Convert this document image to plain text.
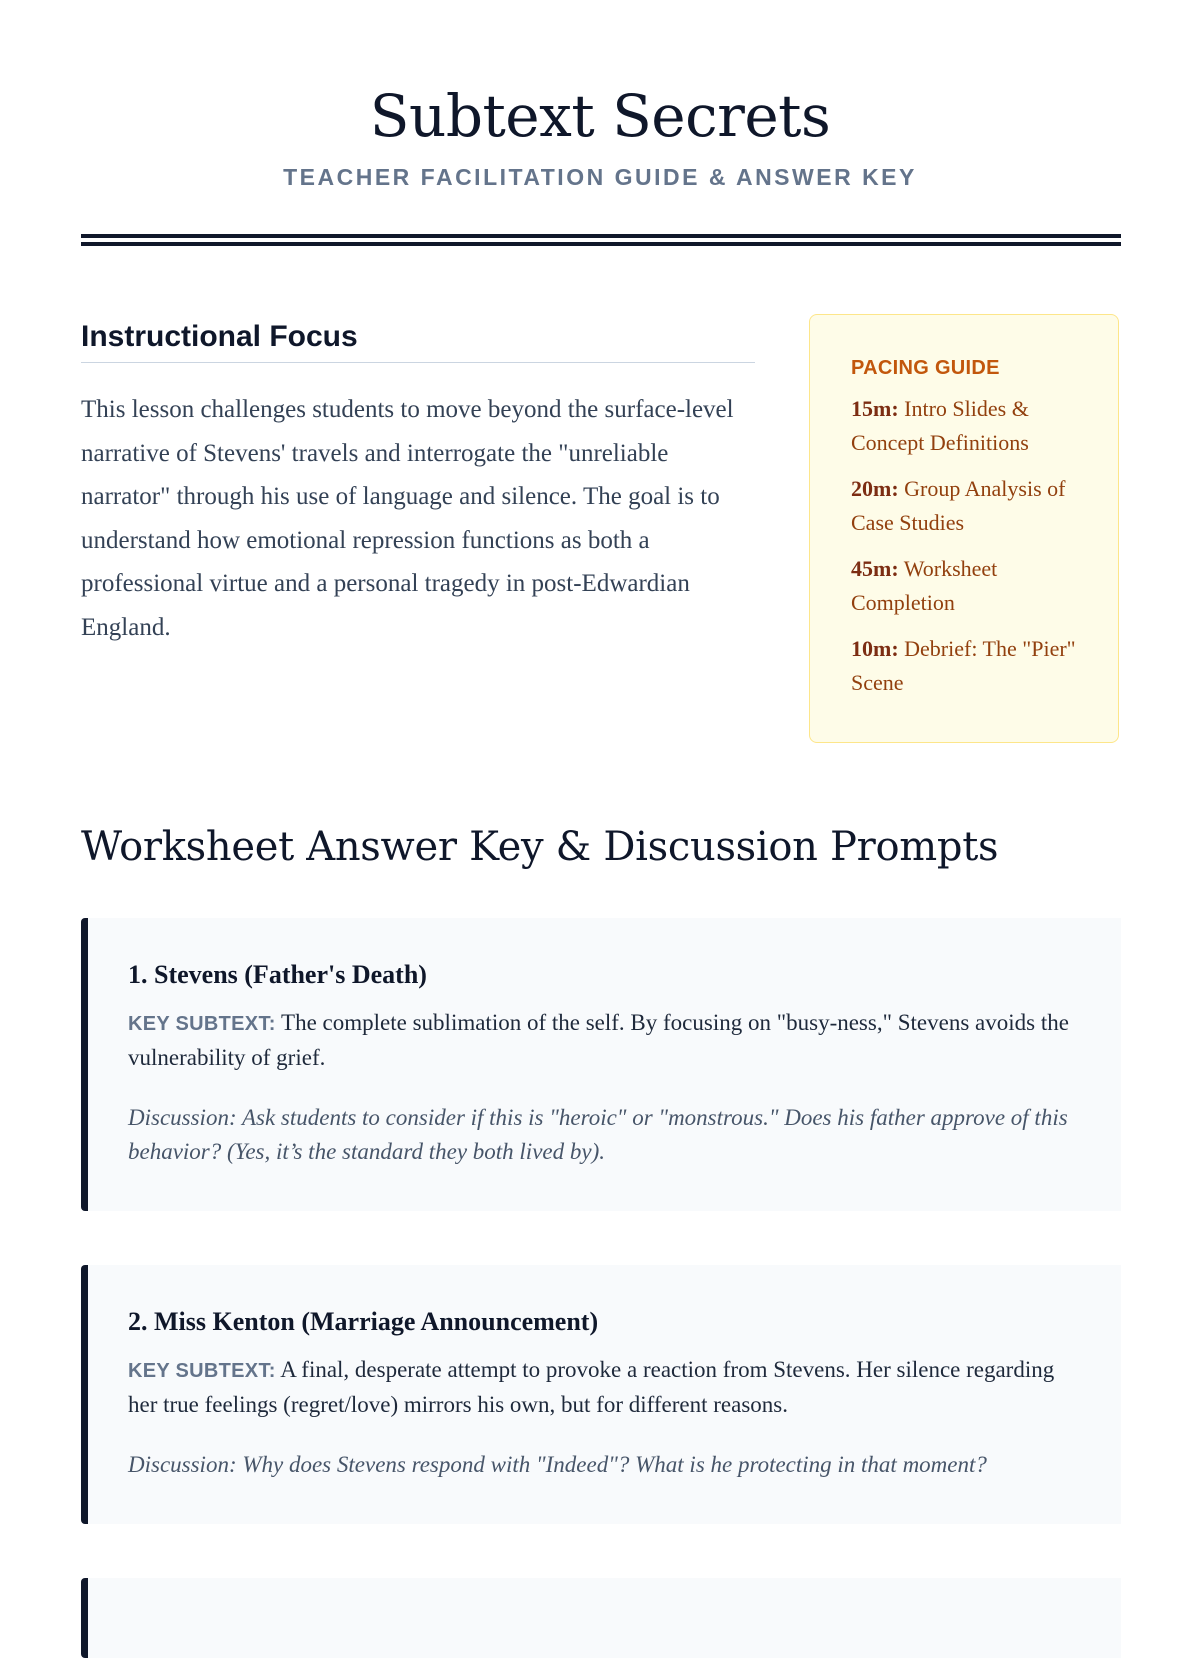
Subtext Secrets
TEACHER FACILITATION GUIDE & ANSWER KEY
Instructional Focus

This lesson challenges students to move beyond the surface-level narrative of Stevens' travels and interrogate the "unreliable narrator" through his use of language and silence. The goal is to understand how emotional repression functions as both a professional virtue and a personal tragedy in post-Edwardian England.

PACING GUIDE

15m: Intro Slides & Concept Definitions

20m: Group Analysis of Case Studies

45m: Worksheet Completion

10m: Debrief: The "Pier" Scene

Worksheet Answer Key & Discussion Prompts
1. Stevens (Father's Death)

KEY SUBTEXT: The complete sublimation of the self. By focusing on "busy-ness," Stevens avoids the vulnerability of grief.

Discussion: Ask students to consider if this is "heroic" or "monstrous." Does his father approve of this behavior? (Yes, it’s the standard they both lived by).

2. Miss Kenton (Marriage Announcement)

KEY SUBTEXT: A final, desperate attempt to provoke a reaction from Stevens. Her silence regarding her true feelings (regret/love) mirrors his own, but for different reasons.

Discussion: Why does Stevens respond with "Indeed"? What is he protecting in that moment?
